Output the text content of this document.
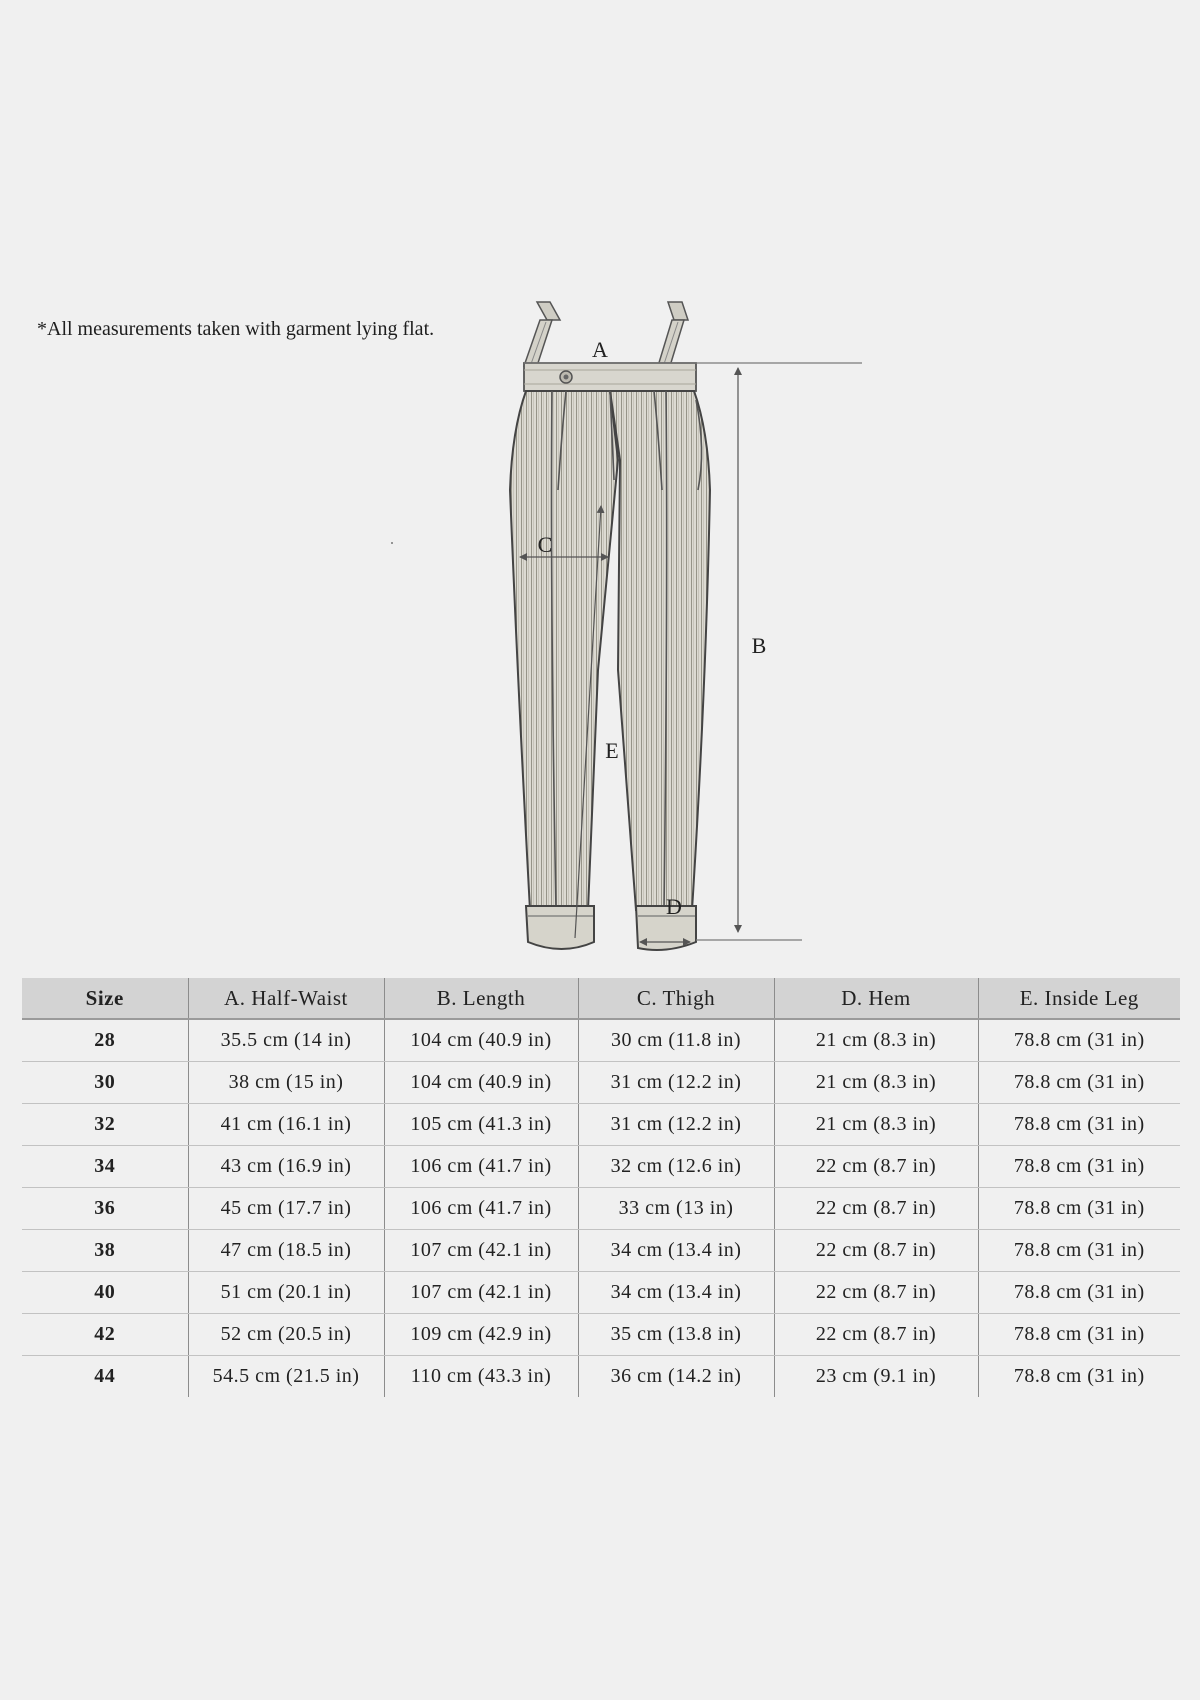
*All measurements taken with garment lying flat.
A
B
C
D
E
Size	A. Half-Waist	B. Length	C. Thigh	D. Hem	E. Inside Leg
28	35.5 cm (14 in)	104 cm (40.9 in)	30 cm (11.8 in)	21 cm (8.3 in)	78.8 cm (31 in)
30	38 cm (15 in)	104 cm (40.9 in)	31 cm (12.2 in)	21 cm (8.3 in)	78.8 cm (31 in)
32	41 cm (16.1 in)	105 cm (41.3 in)	31 cm (12.2 in)	21 cm (8.3 in)	78.8 cm (31 in)
34	43 cm (16.9 in)	106 cm (41.7 in)	32 cm (12.6 in)	22 cm (8.7 in)	78.8 cm (31 in)
36	45 cm (17.7 in)	106 cm (41.7 in)	33 cm (13 in)	22 cm (8.7 in)	78.8 cm (31 in)
38	47 cm (18.5 in)	107 cm (42.1 in)	34 cm (13.4 in)	22 cm (8.7 in)	78.8 cm (31 in)
40	51 cm (20.1 in)	107 cm (42.1 in)	34 cm (13.4 in)	22 cm (8.7 in)	78.8 cm (31 in)
42	52 cm (20.5 in)	109 cm (42.9 in)	35 cm (13.8 in)	22 cm (8.7 in)	78.8 cm (31 in)
44	54.5 cm (21.5 in)	110 cm (43.3 in)	36 cm (14.2 in)	23 cm (9.1 in)	78.8 cm (31 in)
